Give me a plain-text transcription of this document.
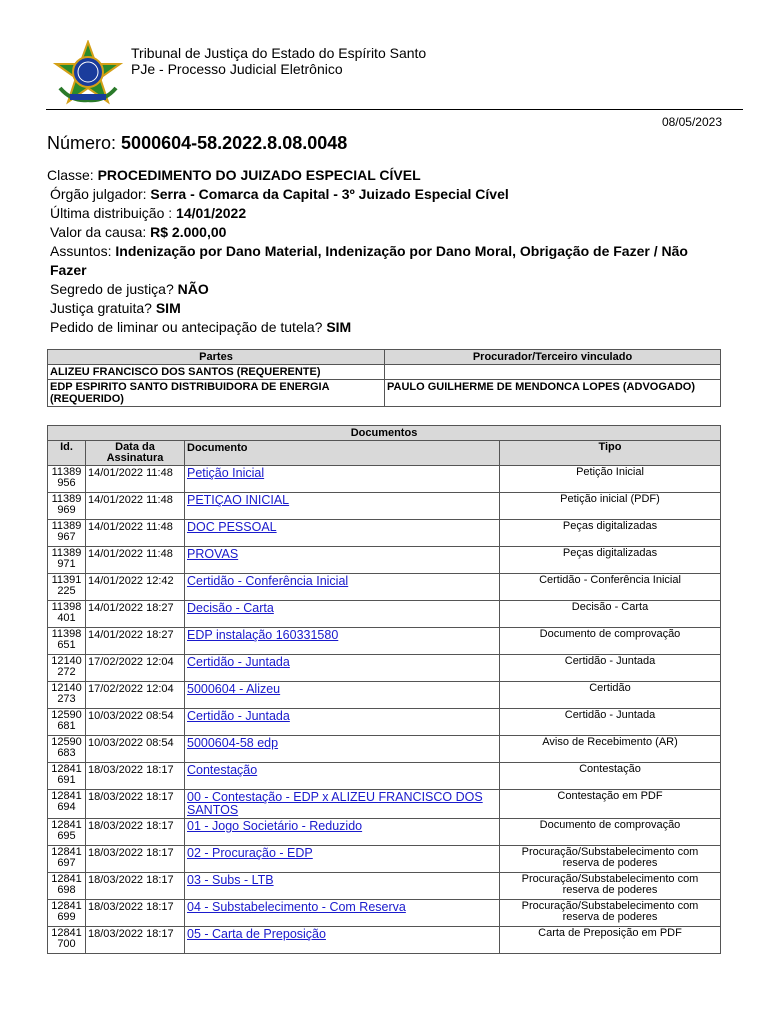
Tribunal de Justiça do Estado do Espírito Santo
PJe - Processo Judicial Eletrônico
08/05/2023
Número: 5000604-58.2022.8.08.0048
Classe: PROCEDIMENTO DO JUIZADO ESPECIAL CÍVEL
Órgão julgador: Serra - Comarca da Capital - 3º Juizado Especial Cível
Última distribuição : 14/01/2022
Valor da causa: R$ 2.000,00
Assuntos: Indenização por Dano Material, Indenização por Dano Moral, Obrigação de Fazer / Não Fazer
Segredo de justiça? NÃO
Justiça gratuita? SIM
Pedido de liminar ou antecipação de tutela? SIM
Partes	Procurador/Terceiro vinculado
ALIZEU FRANCISCO DOS SANTOS (REQUERENTE)	
EDP ESPIRITO SANTO DISTRIBUIDORA DE ENERGIA (REQUERIDO)	PAULO GUILHERME DE MENDONCA LOPES (ADVOGADO)
Documentos			
Id.	Data da Assinatura	Documento	Tipo

11389
956	14/01/2022 11:48	Petição Inicial	Petição Inicial

11389
969	14/01/2022 11:48	PETIÇAO INICIAL	Petição inicial (PDF)

11389
967	14/01/2022 11:48	DOC PESSOAL	Peças digitalizadas

11389
971	14/01/2022 11:48	PROVAS	Peças digitalizadas

11391
225	14/01/2022 12:42	Certidão - Conferência Inicial	Certidão - Conferência Inicial

11398
401	14/01/2022 18:27	Decisão - Carta	Decisão - Carta

11398
651	14/01/2022 18:27	EDP instalação 160331580	Documento de comprovação

12140
272	17/02/2022 12:04	Certidão - Juntada	Certidão - Juntada

12140
273	17/02/2022 12:04	5000604 - Alizeu	Certidão

12590
681	10/03/2022 08:54	Certidão - Juntada	Certidão - Juntada

12590
683	10/03/2022 08:54	5000604-58 edp	Aviso de Recebimento (AR)

12841
691	18/03/2022 18:17	Contestação	Contestação

12841
694	18/03/2022 18:17	00 - Contestação - EDP x ALIZEU FRANCISCO DOS SANTOS	Contestação em PDF

12841
695	18/03/2022 18:17	01 - Jogo Societário - Reduzido	Documento de comprovação

12841
697	18/03/2022 18:17	02 - Procuração - EDP	Procuração/Substabelecimento com reserva de poderes

12841
698	18/03/2022 18:17	03 - Subs - LTB	Procuração/Substabelecimento com reserva de poderes

12841
699	18/03/2022 18:17	04 - Substabelecimento - Com Reserva	Procuração/Substabelecimento com reserva de poderes

12841
700	18/03/2022 18:17	05 - Carta de Preposição	Carta de Preposição em PDF
